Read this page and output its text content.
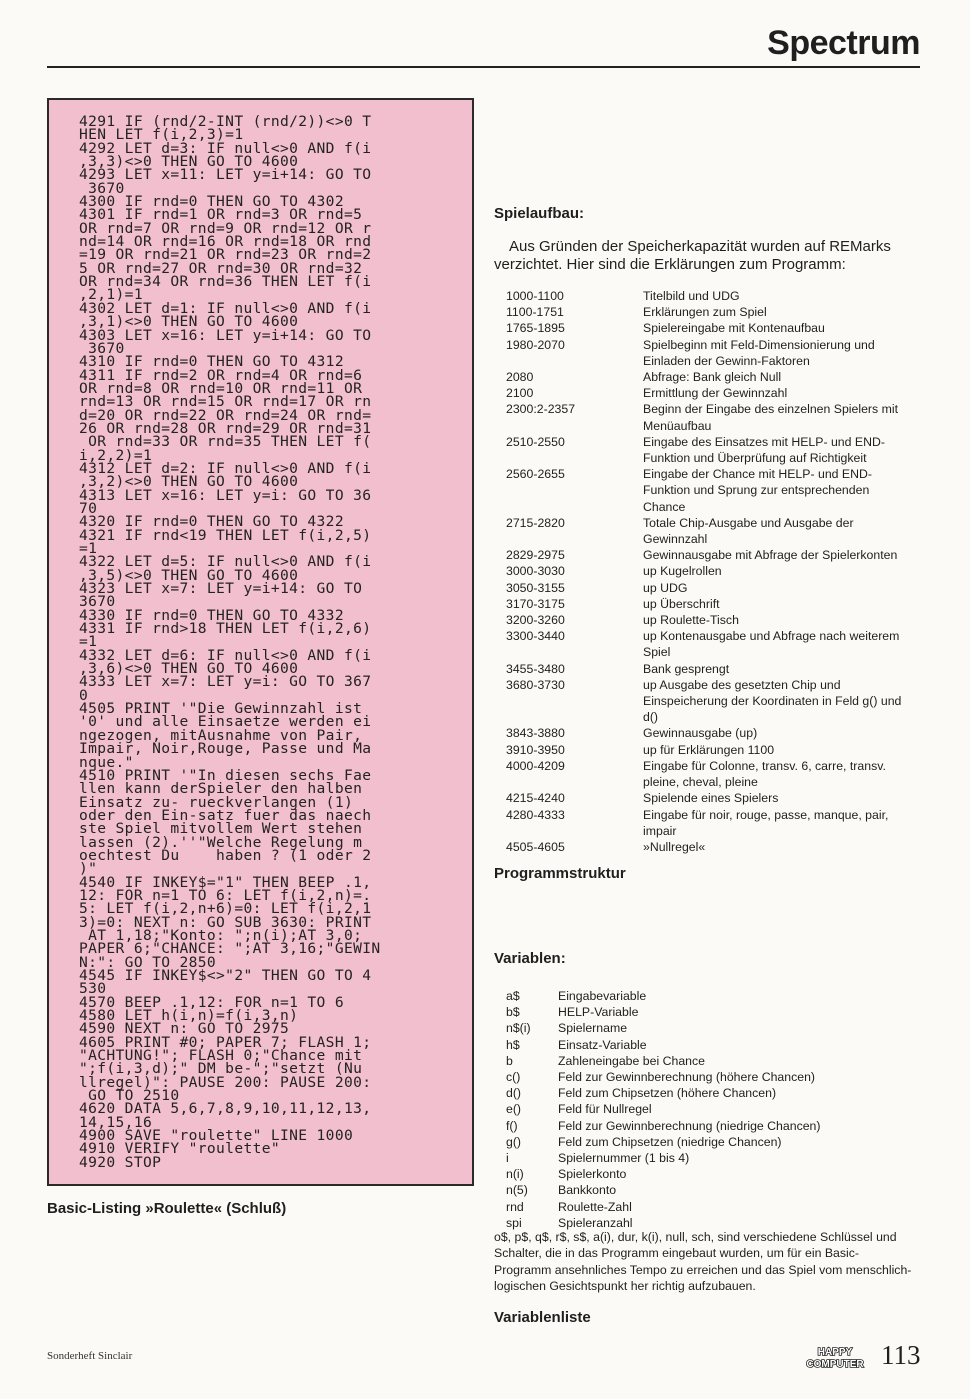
Spectrum
4291 IF (rnd/2-INT (rnd/2))<>0 T
HEN LET f(i,2,3)=1
4292 LET d=3: IF null<>0 AND f(i
,3,3)<>0 THEN GO TO 4600
4293 LET x=11: LET y=i+14: GO TO
3670
4300 IF rnd=0 THEN GO TO 4302
4301 IF rnd=1 OR rnd=3 OR rnd=5
OR rnd=7 OR rnd=9 OR rnd=12 OR r
nd=14 OR rnd=16 OR rnd=18 OR rnd
=19 OR rnd=21 OR rnd=23 OR rnd=2
5 OR rnd=27 OR rnd=30 OR rnd=32
OR rnd=34 OR rnd=36 THEN LET f(i
,2,1)=1
4302 LET d=1: IF null<>0 AND f(i
,3,1)<>0 THEN GO TO 4600
4303 LET x=16: LET y=i+14: GO TO
3670
4310 IF rnd=0 THEN GO TO 4312
4311 IF rnd=2 OR rnd=4 OR rnd=6
OR rnd=8 OR rnd=10 OR rnd=11 OR
rnd=13 OR rnd=15 OR rnd=17 OR rn
d=20 OR rnd=22 OR rnd=24 OR rnd=
26 OR rnd=28 OR rnd=29 OR rnd=31
OR rnd=33 OR rnd=35 THEN LET f(
i,2,2)=1
4312 LET d=2: IF null<>0 AND f(i
,3,2)<>0 THEN GO TO 4600
4313 LET x=16: LET y=i: GO TO 36
70
4320 IF rnd=0 THEN GO TO 4322
4321 IF rnd<19 THEN LET f(i,2,5)
=1
4322 LET d=5: IF null<>0 AND f(i
,3,5)<>0 THEN GO TO 4600
4323 LET x=7: LET y=i+14: GO TO
3670
4330 IF rnd=0 THEN GO TO 4332
4331 IF rnd>18 THEN LET f(i,2,6)
=1
4332 LET d=6: IF null<>0 AND f(i
,3,6)<>0 THEN GO TO 4600
4333 LET x=7: LET y=i: GO TO 367
0
4505 PRINT '"Die Gewinnzahl ist
'0' und alle Einsaetze werden ei
ngezogen, mitAusnahme von Pair,
Impair, Noir,Rouge, Passe und Ma
nque."
4510 PRINT '"In diesen sechs Fae
llen kann derSpieler den halben
Einsatz zu- rueckverlangen (1)
oder den Ein-satz fuer das naech
ste Spiel mitvollem Wert stehen
lassen (2).''"Welche Regelung m
oechtest Du    haben ? (1 oder 2
)"
4540 IF INKEY$="1" THEN BEEP .1,
12: FOR n=1 TO 6: LET f(i,2,n)=.
5: LET f(i,2,n+6)=0: LET f(i,2,1
3)=0: NEXT n: GO SUB 3630: PRINT
AT 1,18;"Konto: ";n(i);AT 3,0;
PAPER 6;"CHANCE: ";AT 3,16;"GEWIN
N:": GO TO 2850
4545 IF INKEY$<>"2" THEN GO TO 4
530
4570 BEEP .1,12: FOR n=1 TO 6
4580 LET h(i,n)=f(i,3,n)
4590 NEXT n: GO TO 2975
4605 PRINT #0; PAPER 7; FLASH 1;
"ACHTUNG!"; FLASH 0;"Chance mit
";f(i,3,d);" DM be-";"setzt (Nu
llregel)": PAUSE 200: PAUSE 200:
GO TO 2510
4620 DATA 5,6,7,8,9,10,11,12,13,
14,15,16
4900 SAVE "roulette" LINE 1000
4910 VERIFY "roulette"
4920 STOP
Basic-Listing »Roulette« (Schluß)
Spielaufbau:

Aus Gründen der Speicherkapazität wurden auf REMarks verzichtet. Hier sind die Erklärungen zum Programm:

1000-1100	Titelbild und UDG
1100-1751	Erklärungen zum Spiel
1765-1895	Spielereingabe mit Kontenaufbau
1980-2070	Spielbeginn mit Feld-Dimensionierung und Einladen der Gewinn-Faktoren
2080	Abfrage: Bank gleich Null
2100	Ermittlung der Gewinnzahl
2300:2-2357	Beginn der Eingabe des einzelnen Spielers mit Menüaufbau
2510-2550	Eingabe des Einsatzes mit HELP- und END-Funktion und Überprüfung auf Richtigkeit
2560-2655	Eingabe der Chance mit HELP- und END-Funktion und Sprung zur entsprechenden Chance
2715-2820	Totale Chip-Ausgabe und Ausgabe der Gewinnzahl
2829-2975	Gewinnausgabe mit Abfrage der Spielerkonten
3000-3030	up Kugelrollen
3050-3155	up UDG
3170-3175	up Überschrift
3200-3260	up Roulette-Tisch
3300-3440	up Kontenausgabe und Abfrage nach weiterem Spiel
3455-3480	Bank gesprengt
3680-3730	up Ausgabe des gesetzten Chip und Einspeicherung der Koordinaten in Feld g() und d()
3843-3880	Gewinnausgabe (up)
3910-3950	up für Erklärungen 1100
4000-4209	Eingabe für Colonne, transv. 6, carre, transv. pleine, cheval, pleine
4215-4240	Spielende eines Spielers
4280-4333	Eingabe für noir, rouge, passe, manque, pair, impair
4505-4605	»Nullregel«
Programmstruktur
Variablen:
a$	Eingabevariable
b$	HELP-Variable
n$(i)	Spielername
h$	Einsatz-Variable
b	Zahleneingabe bei Chance
c()	Feld zur Gewinnberechnung (höhere Chancen)
d()	Feld zum Chipsetzen (höhere Chancen)
e()	Feld für Nullregel
f()	Feld zur Gewinnberechnung (niedrige Chancen)
g()	Feld zum Chipsetzen (niedrige Chancen)
i	Spielernummer (1 bis 4)
n(i)	Spielerkonto
n(5)	Bankkonto
rnd	Roulette-Zahl
spi	Spieleranzahl

o$, p$, q$, r$, s$, a(i), dur, k(i), null, sch, sind verschiedene Schlüssel und Schalter, die in das Programm eingebaut wurden, um für ein Basic-Programm ansehnliches Tempo zu erreichen und das Spiel vom menschlich-logischen Gesichtspunkt her richtig aufzubauen.

Variablenliste
Sonderheft Sinclair	HAPPY
COMPUTER 113
